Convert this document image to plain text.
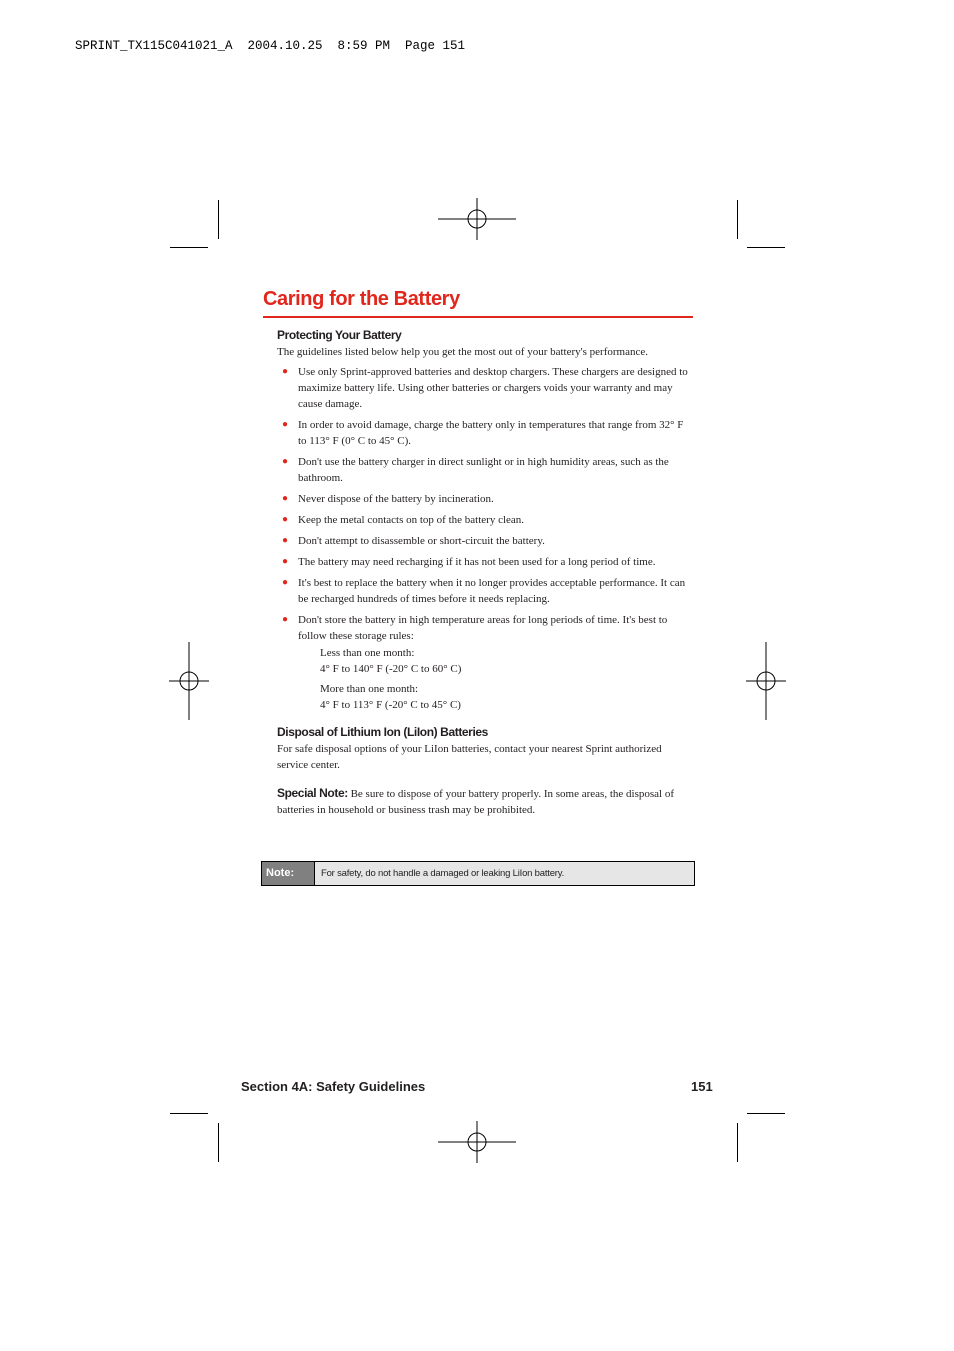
SPRINT_TX115C041021_A  2004.10.25  8:59 PM  Page 151
Caring for the Battery
Protecting Your Battery

The guidelines listed below help you get the most out of your battery's performance.

● Use only Sprint-approved batteries and desktop chargers. These chargers are designed to maximize battery life. Using other batteries or chargers voids your warranty and may cause damage.
● In order to avoid damage, charge the battery only in temperatures that range from 32° F to 113° F (0° C to 45° C).
● Don't use the battery charger in direct sunlight or in high humidity areas, such as the bathroom.
● Never dispose of the battery by incineration.
● Keep the metal contacts on top of the battery clean.
● Don't attempt to disassemble or short-circuit the battery.
● The battery may need recharging if it has not been used for a long period of time.
● It's best to replace the battery when it no longer provides acceptable performance. It can be recharged hundreds of times before it needs replacing.
● Don't store the battery in high temperature areas for long periods of time. It's best to follow these storage rules:
Less than one month:
4° F to 140° F (-20° C to 60° C)
More than one month:
4° F to 113° F (-20° C to 45° C)
Disposal of Lithium Ion (LiIon) Batteries

For safe disposal options of your LiIon batteries, contact your nearest Sprint authorized service center.

Special Note: Be sure to dispose of your battery properly. In some areas, the disposal of batteries in household or business trash may be prohibited.

Note:	For safety, do not handle a damaged or leaking LiIon battery.
Section 4A: Safety Guidelines	151
